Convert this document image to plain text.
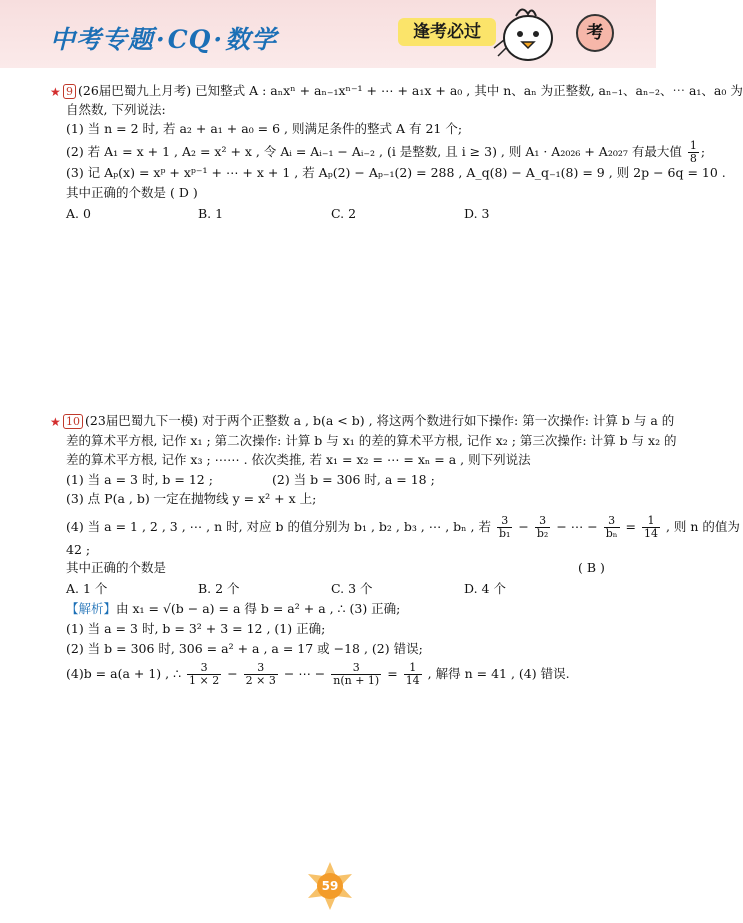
中考专题·CQ·数学	逢考必过	考
★ 9 (26届巴蜀九上月考) 已知整式 A : aₙxⁿ + aₙ₋₁xⁿ⁻¹ + ⋯ + a₁x + a₀ , 其中 n、aₙ 为正整数, aₙ₋₁、aₙ₋₂、⋯ a₁、a₀ 为
自然数, 下列说法:
(1) 当 n = 2 时, 若 a₂ + a₁ + a₀ = 6 , 则满足条件的整式 A 有 21 个;
(2) 若 A₁ = x + 1 , A₂ = x² + x , 令 Aᵢ = Aᵢ₋₁ − Aᵢ₋₂ , (i 是整数, 且 i ≥ 3) , 则 A₁ · A₂₀₂₆ + A₂₀₂₇ 有最大值 $\frac{1}{8}$ ;
(3) 记 Aₚ(x) = xᵖ + xᵖ⁻¹ + ⋯ + x + 1 , 若 Aₚ(2) − Aₚ₋₁(2) = 288 , A_q(8) − A_q₋₁(8) = 9 , 则 2p − 6q = 10 .
其中正确的个数是 ( D )
A. 0	B. 1	C. 2	D. 3
★ 10 (23届巴蜀九下一模) 对于两个正整数 a , b(a < b) , 将这两个数进行如下操作: 第一次操作: 计算 b 与 a 的
差的算术平方根, 记作 x₁ ; 第二次操作: 计算 b 与 x₁ 的差的算术平方根, 记作 x₂ ; 第三次操作: 计算 b 与 x₂ 的
差的算术平方根, 记作 x₃ ; ⋯⋯ . 依次类推, 若 x₁ = x₂ = ⋯ = xₙ = a , 则下列说法
(1) 当 a = 3 时, b = 12 ;	(2) 当 b = 306 时, a = 18 ;
(3) 点 P(a , b) 一定在抛物线 y = x² + x 上;
(4) 当 a = 1 , 2 , 3 , ⋯ , n 时, 对应 b 的值分别为 b₁ , b₂ , b₃ , ⋯ , bₙ , 若 $\frac{3}{\text{b₁}} - \frac{3}{\text{b₂}}$ − ⋯ − $\frac{3}{\text{bₙ}} = \frac{1}{14}$ , 则 n 的值为
42 ;
其中正确的个数是	( B )
A. 1 个	B. 2 个	C. 3 个	D. 4 个
【解析】由 x₁ = √(b − a) = a 得 b = a² + a , ∴ (3) 正确;
(1) 当 a = 3 时, b = 3² + 3 = 12 , (1) 正确;
(2) 当 b = 306 时, 306 = a² + a , a = 17 或 −18 , (2) 错误;
(4)b = a(a + 1) , ∴ $\frac{3}{1 \times 2} - \frac{3}{2 \times 3}$ − ⋯ − $\frac{3}{n(n + 1)} = \frac{1}{14}$ , 解得 n = 41 , (4) 错误.
59
